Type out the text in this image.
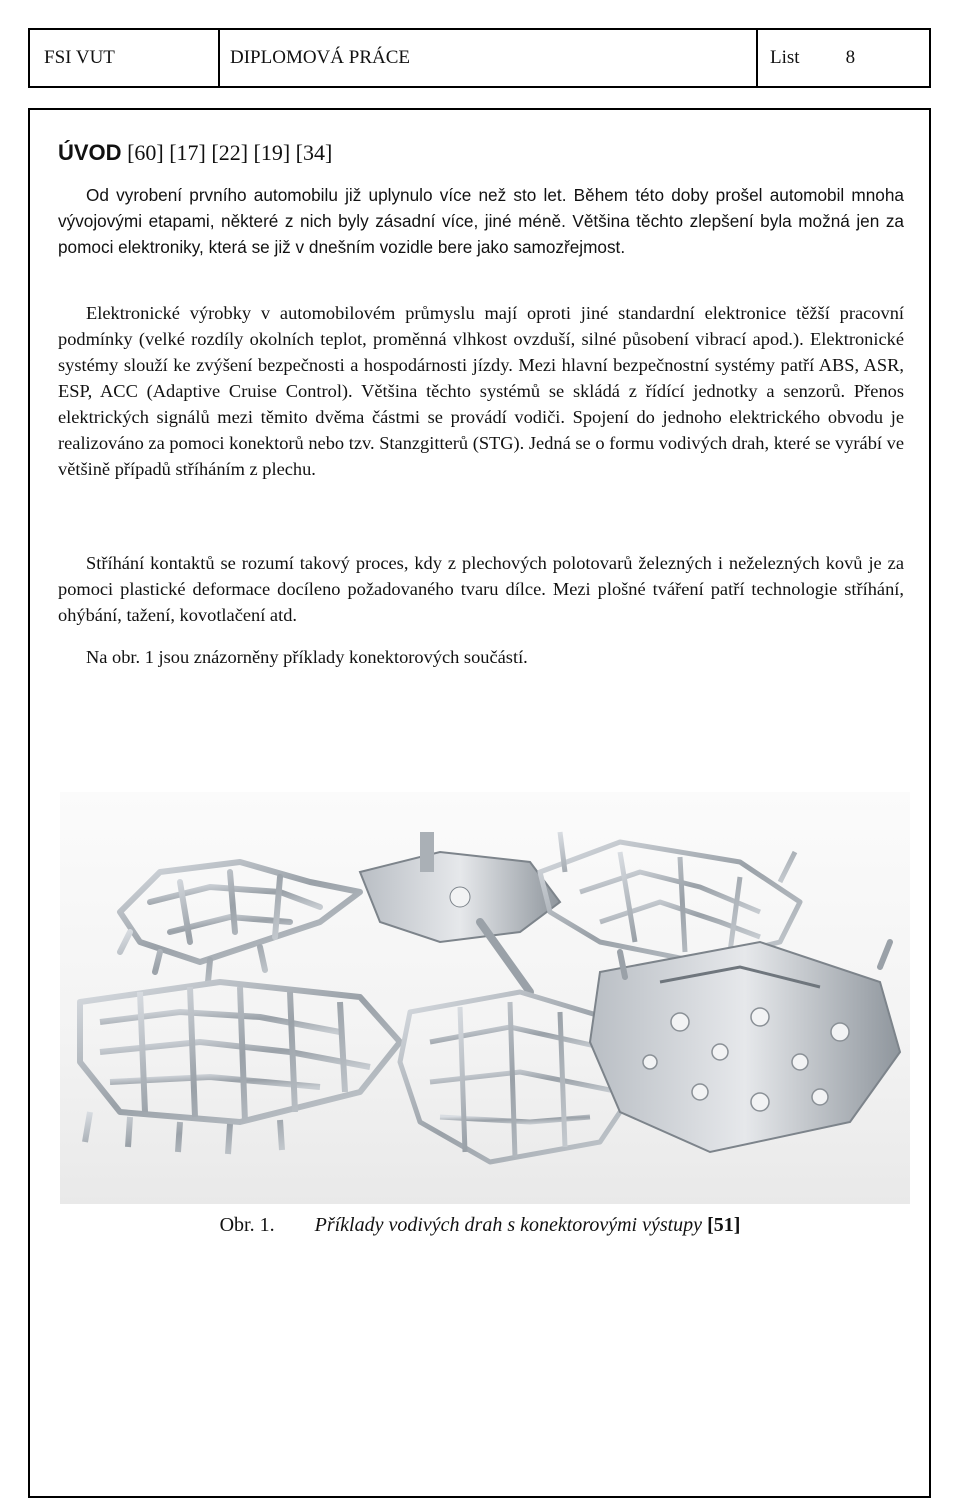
FSI VUT	DIPLOMOVÁ PRÁCE	List 8
ÚVOD [60] [17] [22] [19] [34]

Od vyrobení prvního automobilu již uplynulo více než sto let. Během této doby prošel automobil mnoha vývojovými etapami, některé z nich byly zásadní více, jiné méně. Většina těchto zlepšení byla možná jen za pomoci elektroniky, která se již v dnešním vozidle bere jako samozřejmost.

Elektronické výrobky v automobilovém průmyslu mají oproti jiné standardní elektronice těžší pracovní podmínky (velké rozdíly okolních teplot, proměnná vlhkost ovzduší, silné působení vibrací apod.). Elektronické systémy slouží ke zvýšení bezpečnosti a hospodárnosti jízdy. Mezi hlavní bezpečnostní systémy patří ABS, ASR, ESP, ACC (Adaptive Cruise Control). Většina těchto systémů se skládá z řídící jednotky a senzorů. Přenos elektrických signálů mezi těmito dvěma částmi se provádí vodiči. Spojení do jednoho elektrického obvodu je realizováno za pomoci konektorů nebo tzv. Stanzgitterů (STG). Jedná se o formu vodivých drah, které se vyrábí ve většině případů stříháním z plechu.

Stříhání kontaktů se rozumí takový proces, kdy z plechových polotovarů železných i neželezných kovů je za pomoci plastické deformace docíleno požadovaného tvaru dílce. Mezi plošné tváření patří technologie stříhání, ohýbání, tažení, kovotlačení atd.

Na obr. 1 jsou znázorněny příklady konektorových součástí.

Obr. 1. Příklady vodivých drah s konektorovými výstupy [51]
